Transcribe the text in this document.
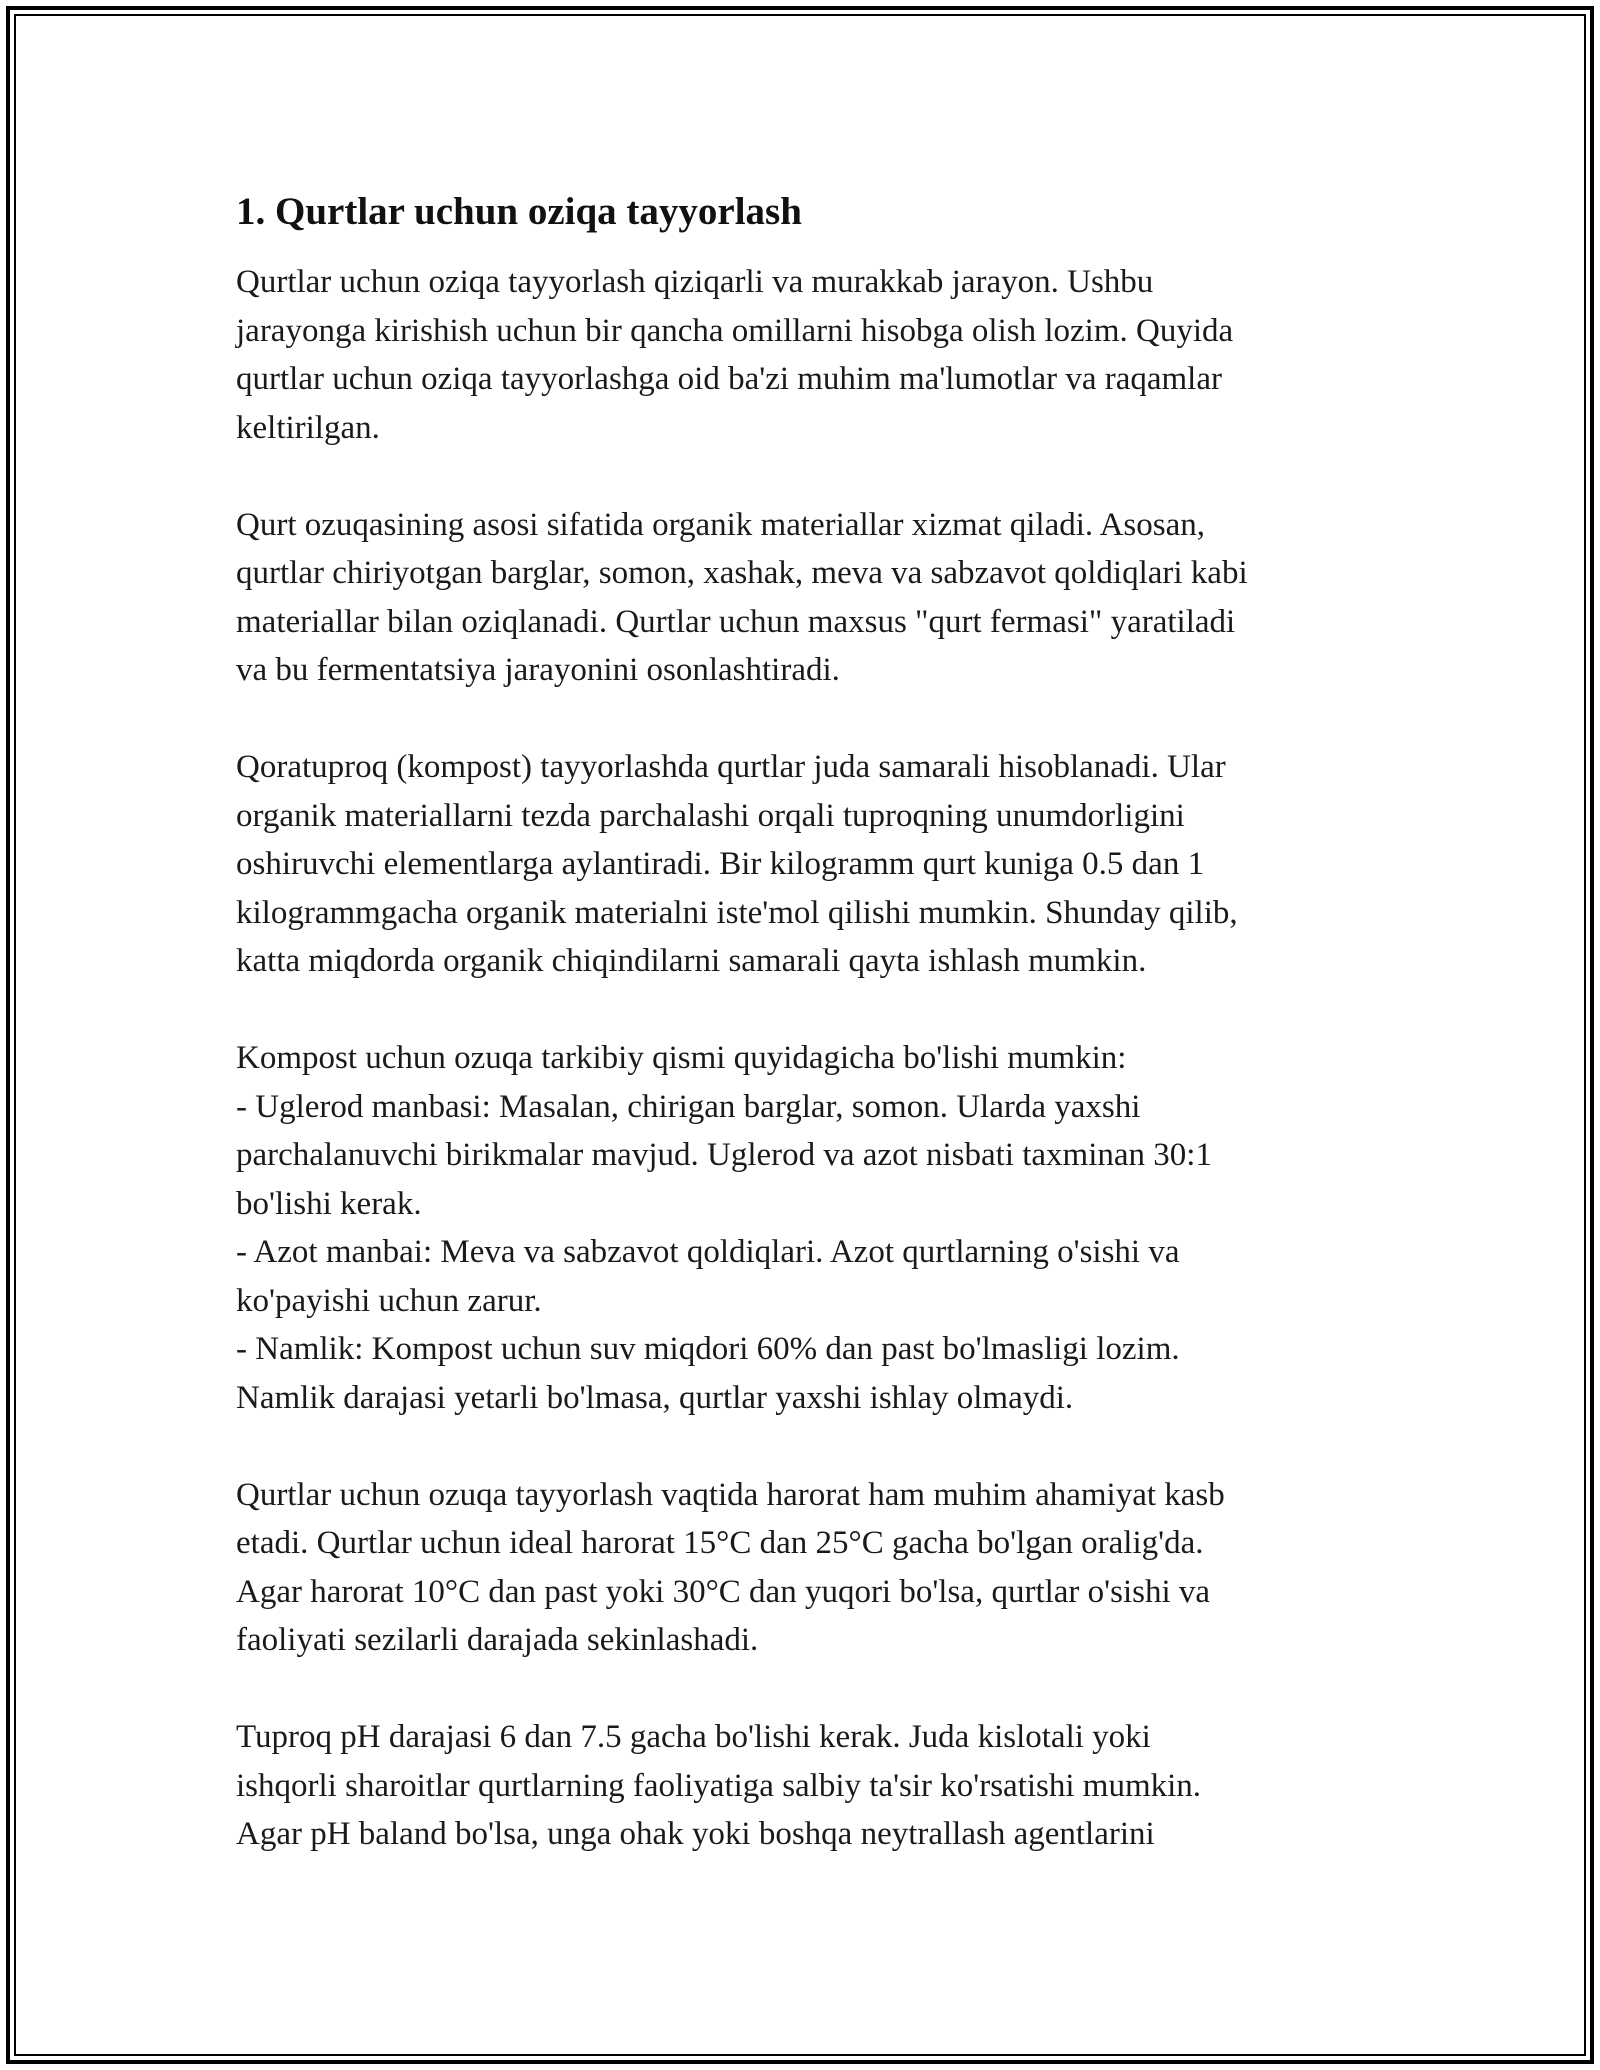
1. Qurtlar uchun oziqa tayyorlash

Qurtlar uchun oziqa tayyorlash qiziqarli va murakkab jarayon. Ushbu
jarayonga kirishish uchun bir qancha omillarni hisobga olish lozim. Quyida
qurtlar uchun oziqa tayyorlashga oid ba'zi muhim ma'lumotlar va raqamlar
keltirilgan.

Qurt ozuqasining asosi sifatida organik materiallar xizmat qiladi. Asosan,
qurtlar chiriyotgan barglar, somon, xashak, meva va sabzavot qoldiqlari kabi
materiallar bilan oziqlanadi. Qurtlar uchun maxsus "qurt fermasi" yaratiladi
va bu fermentatsiya jarayonini osonlashtiradi.

Qoratuproq (kompost) tayyorlashda qurtlar juda samarali hisoblanadi. Ular
organik materiallarni tezda parchalashi orqali tuproqning unumdorligini
oshiruvchi elementlarga aylantiradi. Bir kilogramm qurt kuniga 0.5 dan 1
kilogrammgacha organik materialni iste'mol qilishi mumkin. Shunday qilib,
katta miqdorda organik chiqindilarni samarali qayta ishlash mumkin.

Kompost uchun ozuqa tarkibiy qismi quyidagicha bo'lishi mumkin:
- Uglerod manbasi: Masalan, chirigan barglar, somon. Ularda yaxshi
parchalanuvchi birikmalar mavjud. Uglerod va azot nisbati taxminan 30:1
bo'lishi kerak.
- Azot manbai: Meva va sabzavot qoldiqlari. Azot qurtlarning o'sishi va
ko'payishi uchun zarur.
- Namlik: Kompost uchun suv miqdori 60% dan past bo'lmasligi lozim.
Namlik darajasi yetarli bo'lmasa, qurtlar yaxshi ishlay olmaydi.

Qurtlar uchun ozuqa tayyorlash vaqtida harorat ham muhim ahamiyat kasb
etadi. Qurtlar uchun ideal harorat 15°C dan 25°C gacha bo'lgan oralig'da.
Agar harorat 10°C dan past yoki 30°C dan yuqori bo'lsa, qurtlar o'sishi va
faoliyati sezilarli darajada sekinlashadi.

Tuproq pH darajasi 6 dan 7.5 gacha bo'lishi kerak. Juda kislotali yoki
ishqorli sharoitlar qurtlarning faoliyatiga salbiy ta'sir ko'rsatishi mumkin.
Agar pH baland bo'lsa, unga ohak yoki boshqa neytrallash agentlarini
